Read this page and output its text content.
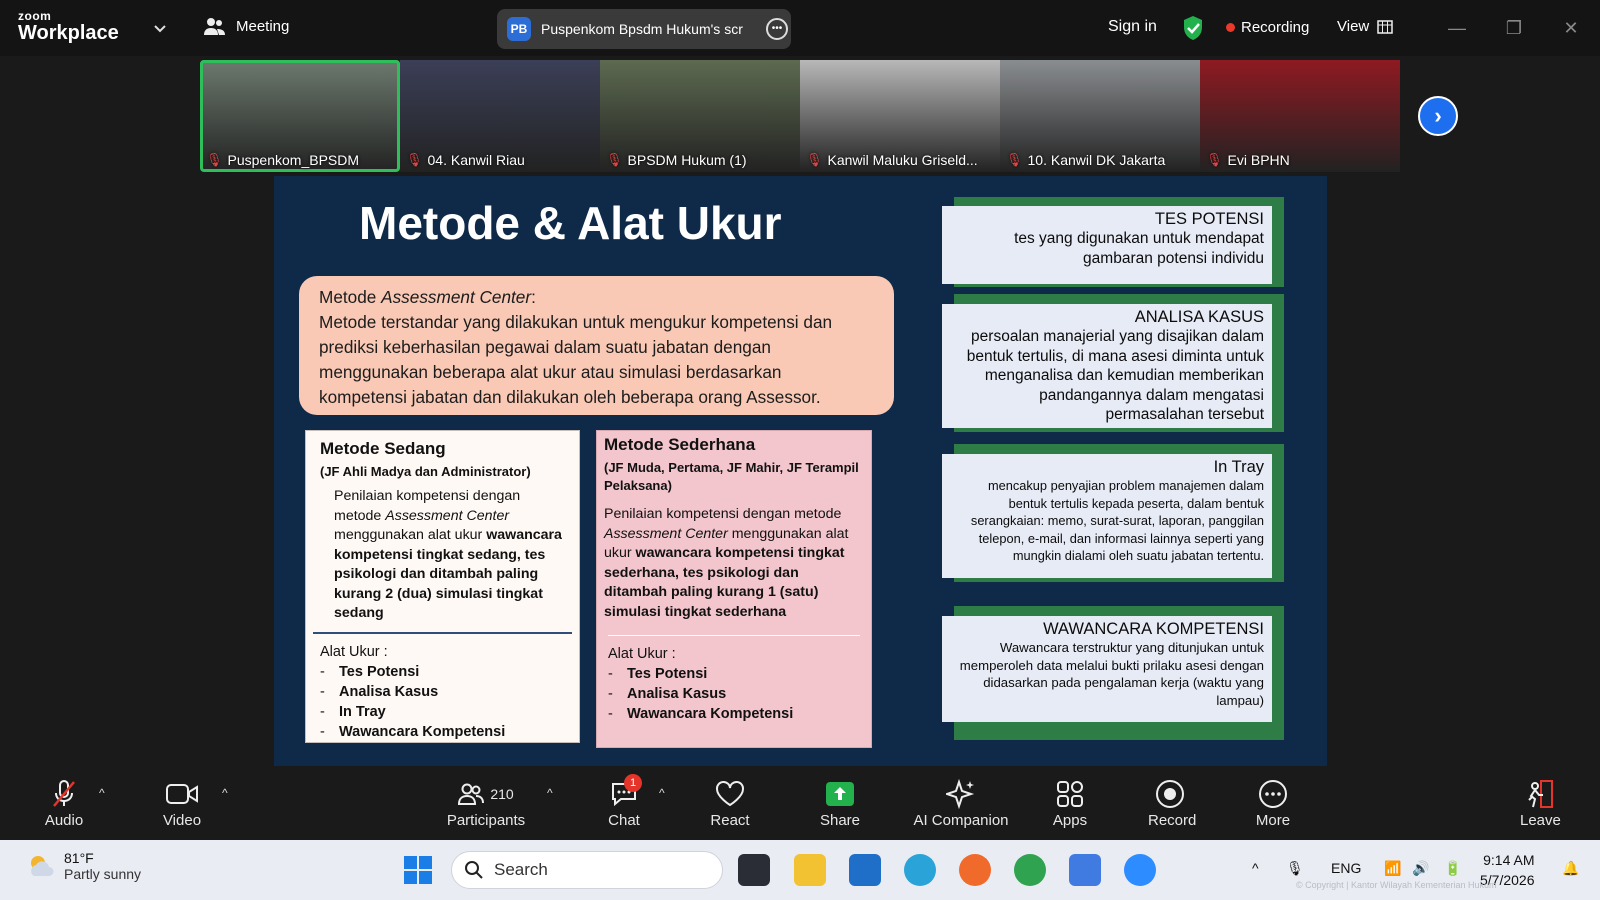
zoom
Workplace	Meeting	PB Puspenkom Bpsdm Hukum's scr	•••	Sign in	Recording View	—	❐	✕
🎙 Puspenkom_BPSDM	🎙 04. Kanwil Riau	🎙 BPSDM Hukum (1)	🎙 Kanwil Maluku Griseld... 🎙 10. Kanwil DK Jakarta	🎙 Evi BPHN
›
Metode & Alat Ukur
Metode Assessment Center:
Metode terstandar yang dilakukan untuk mengukur kompetensi dan prediksi keberhasilan pegawai dalam suatu jabatan dengan menggunakan beberapa alat ukur atau simulasi berdasarkan kompetensi jabatan dan dilakukan oleh beberapa orang Assessor.
Metode Sedang
(JF Ahli Madya dan Administrator)
Penilaian kompetensi dengan metode Assessment Center menggunakan alat ukur wawancara kompetensi tingkat sedang, tes psikologi dan ditambah paling kurang 2 (dua) simulasi tingkat sedang
Alat Ukur :
- Tes Potensi
- Analisa Kasus
- In Tray
- Wawancara Kompetensi
Metode Sederhana
(JF Muda, Pertama, JF Mahir, JF Terampil Pelaksana)
Penilaian kompetensi dengan metode Assessment Center menggunakan alat ukur wawancara kompetensi tingkat sederhana, tes psikologi dan ditambah paling kurang 1 (satu) simulasi tingkat sederhana
Alat Ukur :
- Tes Potensi
- Analisa Kasus
- Wawancara Kompetensi
TES POTENSI
tes yang digunakan untuk mendapat gambaran potensi individu
ANALISA KASUS
persoalan manajerial yang disajikan dalam bentuk tertulis, di mana asesi diminta untuk menganalisa dan kemudian memberikan pandangannya dalam mengatasi permasalahan tersebut
In Tray
mencakup penyajian problem manajemen dalam bentuk tertulis kepada peserta, dalam bentuk serangkaian: memo, surat-surat, laporan, panggilan telepon, e-mail, dan informasi lainnya seperti yang mungkin dialami oleh suatu jabatan tertentu.
WAWANCARA KOMPETENSI
Wawancara terstruktur yang ditunjukan untuk memperoleh data melalui bukti prilaku asesi dengan didasarkan pada pengalaman kerja (waktu yang lampau)
Audio
^
Video
^	210
Participants
^
1
Chat
^
React	Share	AI Companion	Apps	Record	More	Leave
81°F
Partly sunny	Search	^ 🎙 ENG 📶 🔊 🔋 9:14 AM
5/7/2026
🔔
© Copyright | Kantor Wilayah Kementerian Hukum
